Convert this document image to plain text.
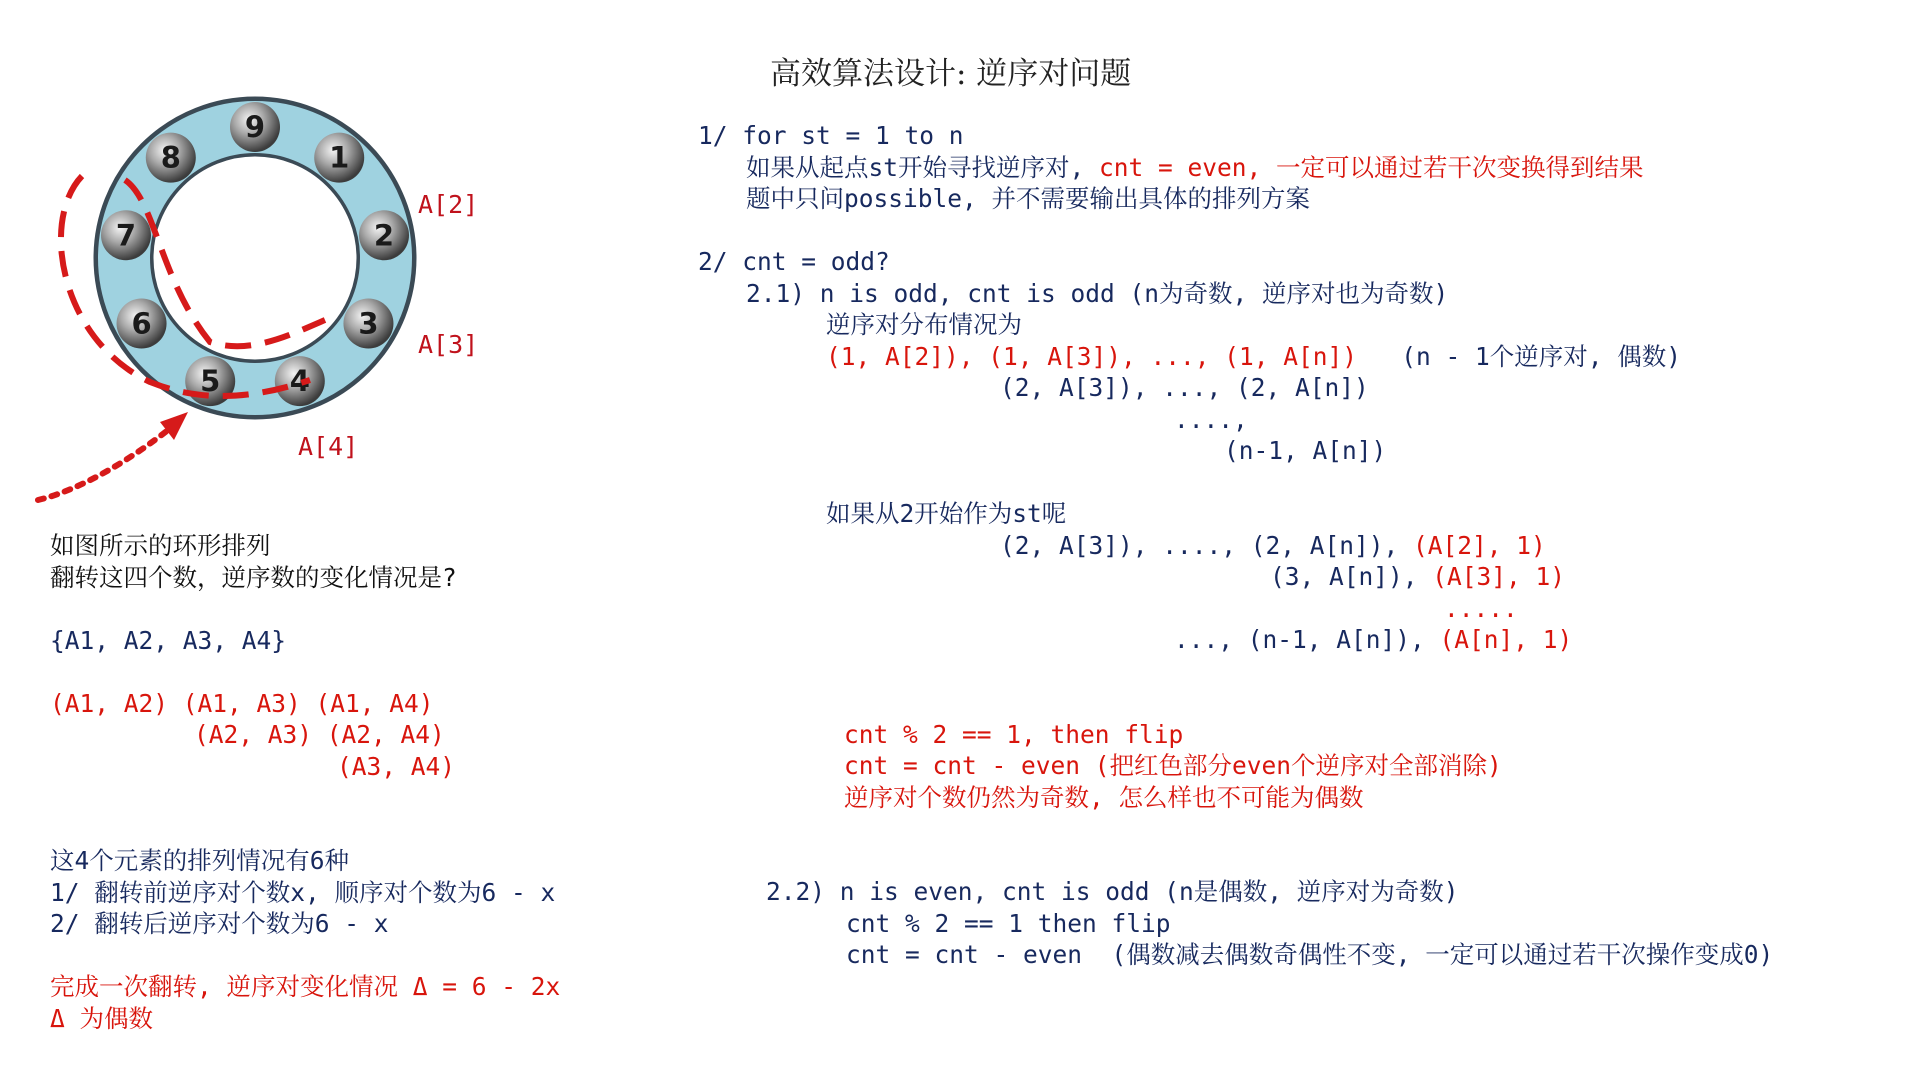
高效算法设计: 逆序对问题
9
1
2
3
4
5
6
7
8
A[2]
A[3]
A[4]
如图所示的环形排列
翻转这四个数，逆序数的变化情况是?
{A1, A2, A3, A4}
(A1, A2) (A1, A3) (A1, A4)
(A2, A3) (A2, A4)
(A3, A4)
这4个元素的排列情况有6种
1/ 翻转前逆序对个数x, 顺序对个数为6 - x
2/ 翻转后逆序对个数为6 - x
完成一次翻转, 逆序对变化情况 Δ = 6 - 2x
Δ 为偶数
1/ for st = 1 to n
如果从起点st开始寻找逆序对, cnt = even, 一定可以通过若干次变换得到结果
题中只问possible, 并不需要输出具体的排列方案
2/ cnt = odd?
2.1) n is odd, cnt is odd (n为奇数, 逆序对也为奇数)
逆序对分布情况为
(1, A[2]), (1, A[3]), ..., (1, A[n]) (n - 1个逆序对, 偶数)
(2, A[3]), ..., (2, A[n])
....,
(n-1, A[n])
如果从2开始作为st呢
(2, A[3]), ...., (2, A[n]), (A[2], 1)
(3, A[n]), (A[3], 1)
.....
..., (n-1, A[n]), (A[n], 1)
cnt % 2 == 1, then flip
cnt = cnt - even (把红色部分even个逆序对全部消除)
逆序对个数仍然为奇数, 怎么样也不可能为偶数
2.2) n is even, cnt is odd (n是偶数, 逆序对为奇数)
cnt % 2 == 1 then flip
cnt = cnt - even  (偶数减去偶数奇偶性不变, 一定可以通过若干次操作变成0)
